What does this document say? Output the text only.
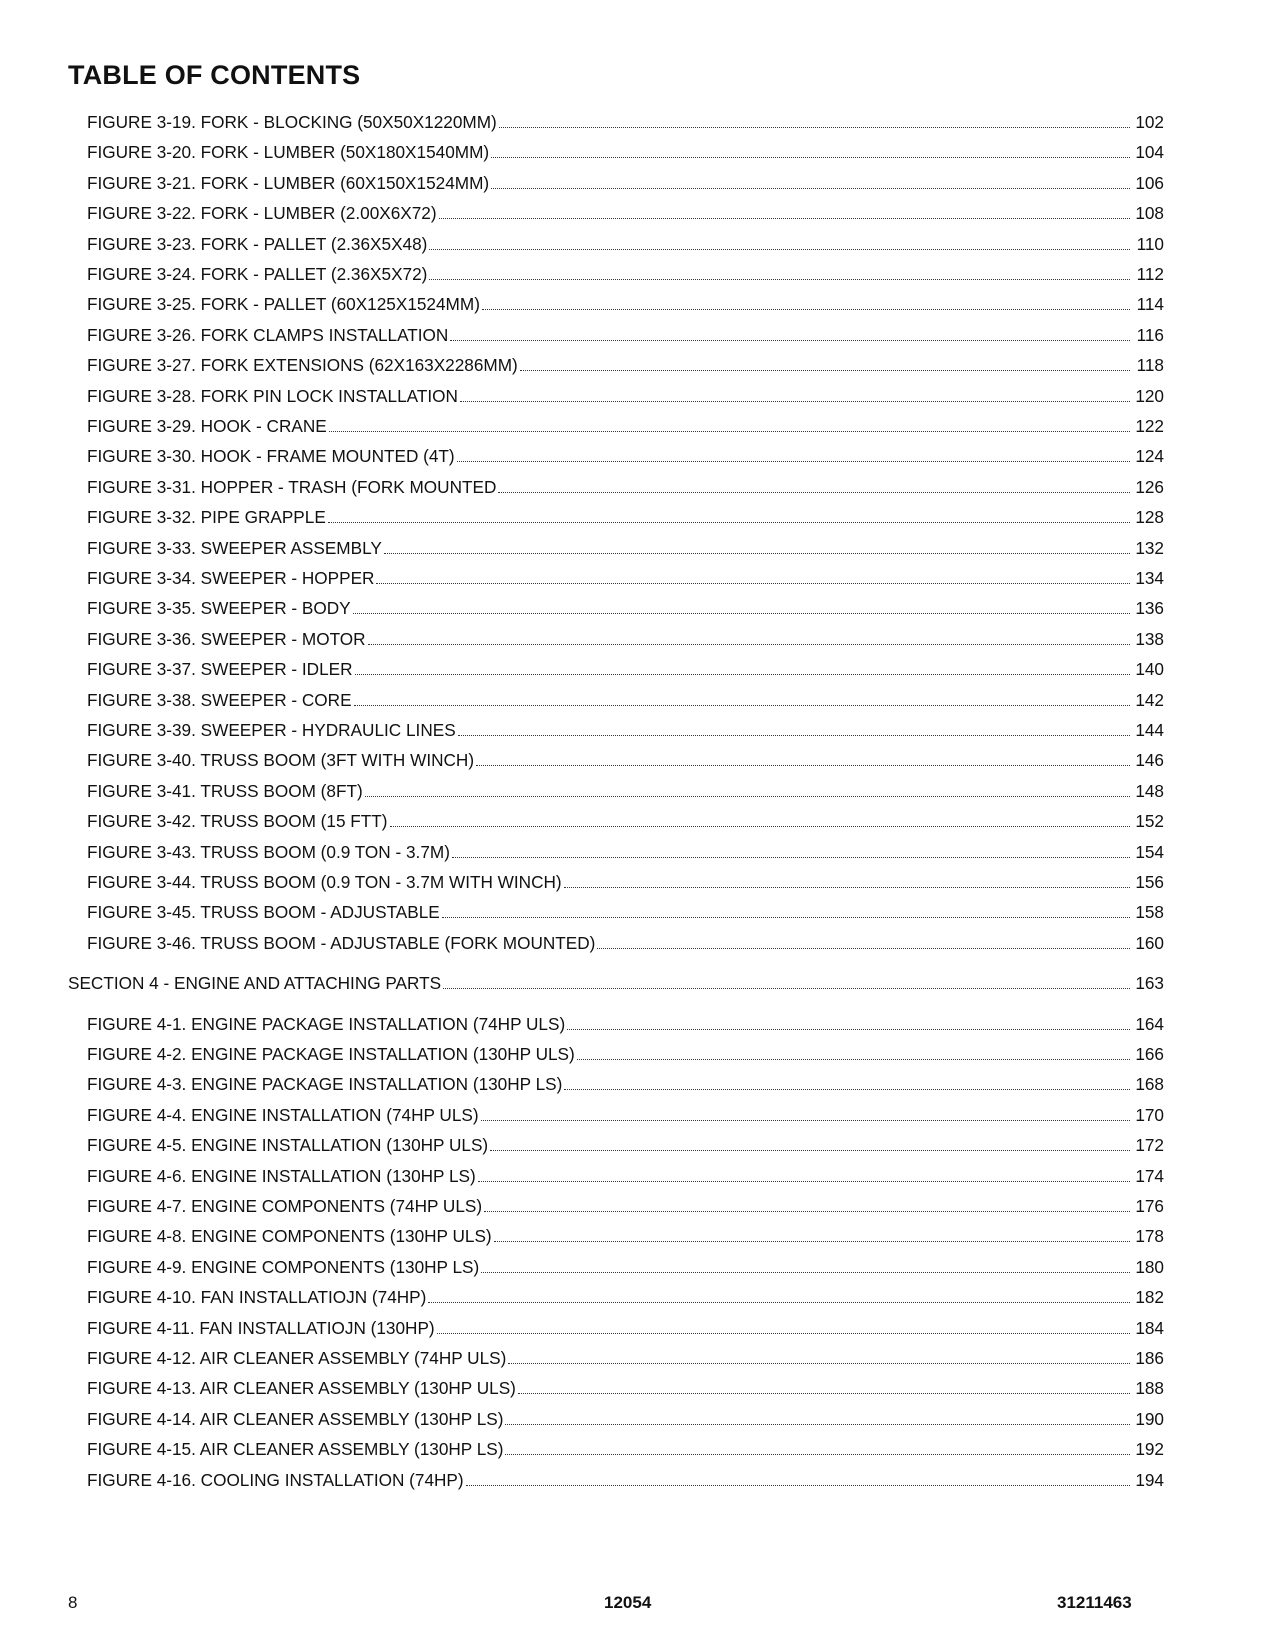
TABLE OF CONTENTS
FIGURE 3-19. FORK - BLOCKING (50X50X1220MM)	102
FIGURE 3-20. FORK - LUMBER (50X180X1540MM)	104
FIGURE 3-21. FORK - LUMBER (60X150X1524MM)	106
FIGURE 3-22. FORK - LUMBER (2.00X6X72)	108
FIGURE 3-23. FORK - PALLET (2.36X5X48)	110
FIGURE 3-24. FORK - PALLET (2.36X5X72)	112
FIGURE 3-25. FORK - PALLET (60X125X1524MM)	114
FIGURE 3-26. FORK CLAMPS INSTALLATION	116
FIGURE 3-27. FORK EXTENSIONS (62X163X2286MM)	118
FIGURE 3-28. FORK PIN LOCK INSTALLATION	120
FIGURE 3-29. HOOK - CRANE	122
FIGURE 3-30. HOOK - FRAME MOUNTED (4T)	124
FIGURE 3-31. HOPPER - TRASH (FORK MOUNTED	126
FIGURE 3-32. PIPE GRAPPLE	128
FIGURE 3-33. SWEEPER ASSEMBLY	132
FIGURE 3-34. SWEEPER - HOPPER	134
FIGURE 3-35. SWEEPER - BODY	136
FIGURE 3-36. SWEEPER - MOTOR	138
FIGURE 3-37. SWEEPER - IDLER	140
FIGURE 3-38. SWEEPER - CORE	142
FIGURE 3-39. SWEEPER - HYDRAULIC LINES	144
FIGURE 3-40. TRUSS BOOM (3FT WITH WINCH)	146
FIGURE 3-41. TRUSS BOOM (8FT)	148
FIGURE 3-42. TRUSS BOOM (15 FTT)	152
FIGURE 3-43. TRUSS BOOM (0.9 TON - 3.7M)	154
FIGURE 3-44. TRUSS BOOM (0.9 TON - 3.7M WITH WINCH)	156
FIGURE 3-45. TRUSS BOOM - ADJUSTABLE	158
FIGURE 3-46. TRUSS BOOM - ADJUSTABLE (FORK MOUNTED)	160
SECTION 4 - ENGINE AND ATTACHING PARTS	163
FIGURE 4-1. ENGINE PACKAGE INSTALLATION (74HP ULS)	164
FIGURE 4-2. ENGINE PACKAGE INSTALLATION (130HP ULS)	166
FIGURE 4-3. ENGINE PACKAGE INSTALLATION (130HP LS)	168
FIGURE 4-4. ENGINE INSTALLATION (74HP ULS)	170
FIGURE 4-5. ENGINE INSTALLATION (130HP ULS)	172
FIGURE 4-6. ENGINE INSTALLATION (130HP LS)	174
FIGURE 4-7. ENGINE COMPONENTS (74HP ULS)	176
FIGURE 4-8. ENGINE COMPONENTS (130HP ULS)	178
FIGURE 4-9. ENGINE COMPONENTS (130HP LS)	180
FIGURE 4-10. FAN INSTALLATIOJN (74HP)	182
FIGURE 4-11. FAN INSTALLATIOJN (130HP)	184
FIGURE 4-12. AIR CLEANER ASSEMBLY (74HP ULS)	186
FIGURE 4-13. AIR CLEANER ASSEMBLY (130HP ULS)	188
FIGURE 4-14. AIR CLEANER ASSEMBLY (130HP LS)	190
FIGURE 4-15. AIR CLEANER ASSEMBLY (130HP LS)	192
FIGURE 4-16. COOLING INSTALLATION (74HP)	194
8	12054	31211463
